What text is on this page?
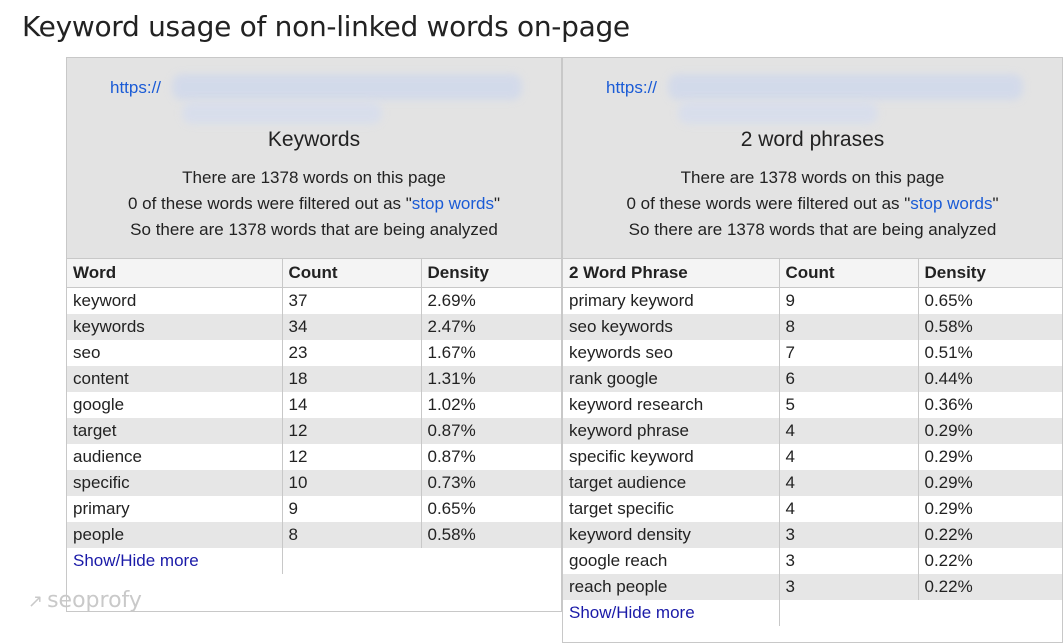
Keyword usage of non-linked words on-page
https://
Keywords
There are 1378 words on this page
0 of these words were filtered out as "stop words"
So there are 1378 words that are being analyzed
Word	Count	Density
keyword	37	2.69%
keywords	34	2.47%
seo	23	1.67%
content	18	1.31%
google	14	1.02%
target	12	0.87%
audience	12	0.87%
specific	10	0.73%
primary	9	0.65%
people	8	0.58%
Show/Hide more		
https://
2 word phrases
There are 1378 words on this page
0 of these words were filtered out as "stop words"
So there are 1378 words that are being analyzed
2 Word Phrase	Count	Density
primary keyword	9	0.65%
seo keywords	8	0.58%
keywords seo	7	0.51%
rank google	6	0.44%
keyword research	5	0.36%
keyword phrase	4	0.29%
specific keyword	4	0.29%
target audience	4	0.29%
target specific	4	0.29%
keyword density	3	0.22%
google reach	3	0.22%
reach people	3	0.22%
Show/Hide more		
↗ seoprofy
